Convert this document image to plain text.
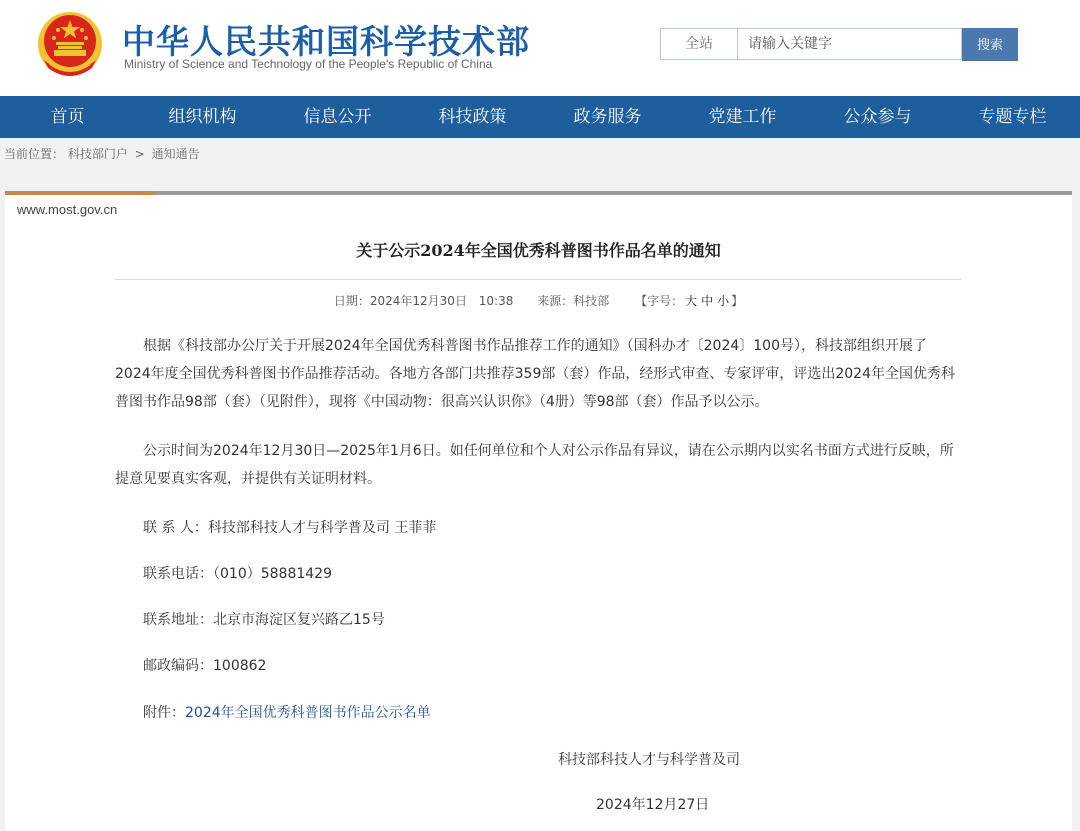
中华人民共和国科学技术部
Ministry of Science and Technology of the People's Republic of China
全站
请输入关键字	搜索
首页	组织机构	信息公开	科技政策	政务服务	党建工作	公众参与	专题专栏
当前位置： 科技部门户 > 通知通告
www.most.gov.cn
关于公示2024年全国优秀科普图书作品名单的通知
日期：2024年12月30日 10:38 来源：科技部 【字号： 大 中 小 】
根据《科技部办公厅关于开展2024年全国优秀科普图书作品推荐工作的通知》（国科办才〔2024〕100号），科技部组织开展了2024年度全国优秀科普图书作品推荐活动。各地方各部门共推荐359部（套）作品，经形式审查、专家评审，评选出2024年全国优秀科普图书作品98部（套）（见附件），现将《中国动物：很高兴认识你》（4册）等98部（套）作品予以公示。
公示时间为2024年12月30日—2025年1月6日。如任何单位和个人对公示作品有异议，请在公示期内以实名书面方式进行反映，所提意见要真实客观，并提供有关证明材料。
联 系 人：科技部科技人才与科学普及司 王菲菲
联系电话：（010）58881429
联系地址：北京市海淀区复兴路乙15号
邮政编码：100862
附件：2024年全国优秀科普图书作品公示名单
科技部科技人才与科学普及司
2024年12月27日
